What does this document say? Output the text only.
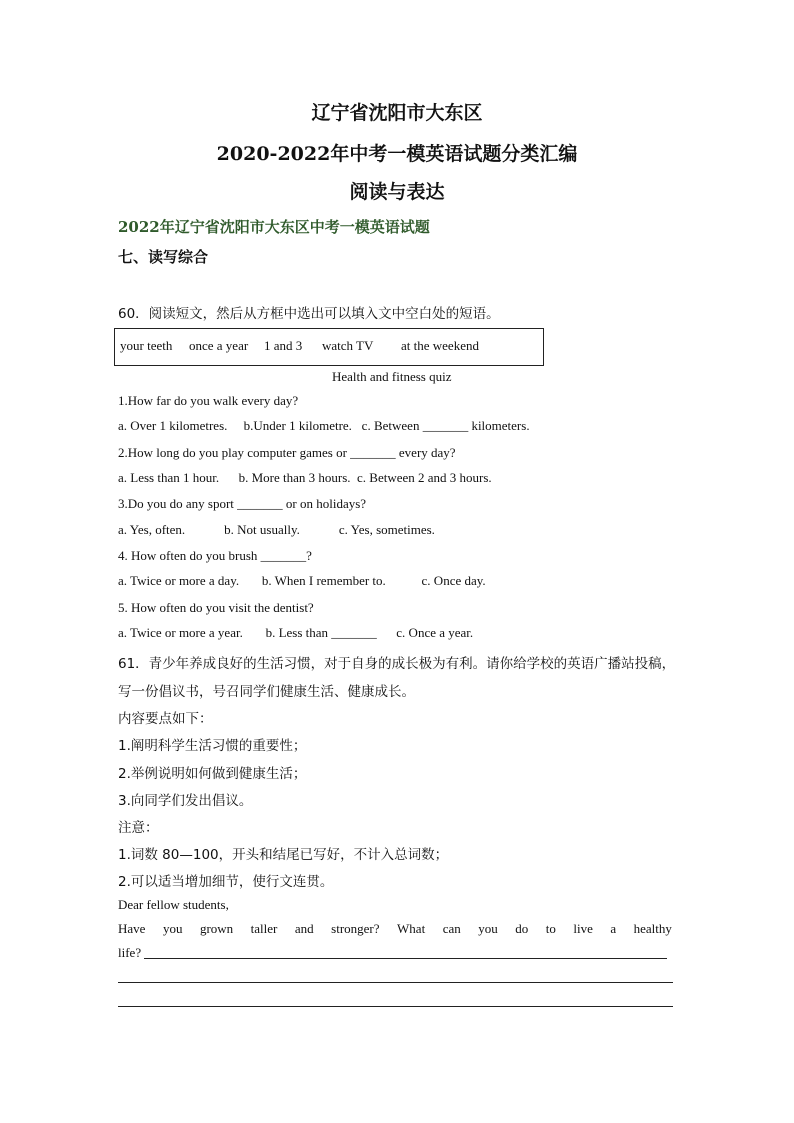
辽宁省沈阳市大东区
2020-2022年中考一模英语试题分类汇编
阅读与表达
2022年辽宁省沈阳市大东区中考一模英语试题
七、读写综合
60．阅读短文，然后从方框中选出可以填入文中空白处的短语。
your teeth once a year 1 and 3 watch TV at the weekend
Health and fitness quiz
1.How far do you walk every day?
a. Over 1 kilometres.     b.Under 1 kilometre.   c. Between _______ kilometers.
2.How long do you play computer games or _______ every day?
a. Less than 1 hour.      b. More than 3 hours.  c. Between 2 and 3 hours.
3.Do you do any sport _______ or on holidays?
a. Yes, often.            b. Not usually.            c. Yes, sometimes.
4. How often do you brush _______?
a. Twice or more a day.       b. When I remember to.           c. Once day.
5. How often do you visit the dentist?
a. Twice or more a year.       b. Less than _______      c. Once a year.
61．青少年养成良好的生活习惯，对于自身的成长极为有利。请你给学校的英语广播站投稿，
写一份倡议书，号召同学们健康生活、健康成长。
内容要点如下：
1.阐明科学生活习惯的重要性；
2.举例说明如何做到健康生活；
3.向同学们发出倡议。
注意：
1.词数 80—100，开头和结尾已写好，不计入总词数；
2.可以适当增加细节，使行文连贯。
Dear fellow students,
Have you grown taller and stronger? What can you do to live a healthy
life?
